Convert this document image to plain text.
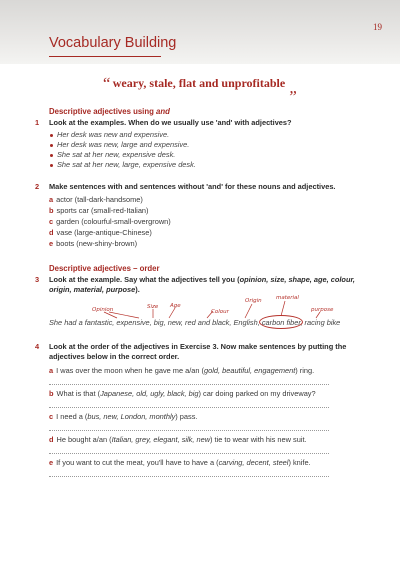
19
Vocabulary Building
“ weary, stale, flat and unprofitable „
Descriptive adjectives using and
1 Look at the examples. When do we usually use 'and' with adjectives?
Her desk was new and expensive.
Her desk was new, large and expensive.
She sat at her new, expensive desk.
She sat at her new, large, expensive desk.
2 Make sentences with and sentences without 'and' for these nouns and adjectives.
a actor (tall-dark-handsome)
b sports car (small-red-Italian)
c garden (colourful-small-overgrown)
d vase (large-antique-Chinese)
e boots (new-shiny-brown)
Descriptive adjectives – order
3 Look at the example. Say what the adjectives tell you (opinion, size, shape, age, colour, origin, material, purpose).
Opinion	Size Age
Colour
Origin	material
purpose
She had a fantastic, expensive, big, new, red and black, English, carbon fiber, racing bike
4 Look at the order of the adjectives in Exercise 3. Now make sentences by putting the adjectives below in the correct order.
a I was over the moon when he gave me a/an (gold, beautiful, engagement) ring.
b What is that (Japanese, old, ugly, black, big) car doing parked on my driveway?
c I need a (bus, new, London, monthly) pass.
d He bought a/an (Italian, grey, elegant, silk, new) tie to wear with his new suit.
e If you want to cut the meat, you'll have to have a (carving, decent, steel) knife.
